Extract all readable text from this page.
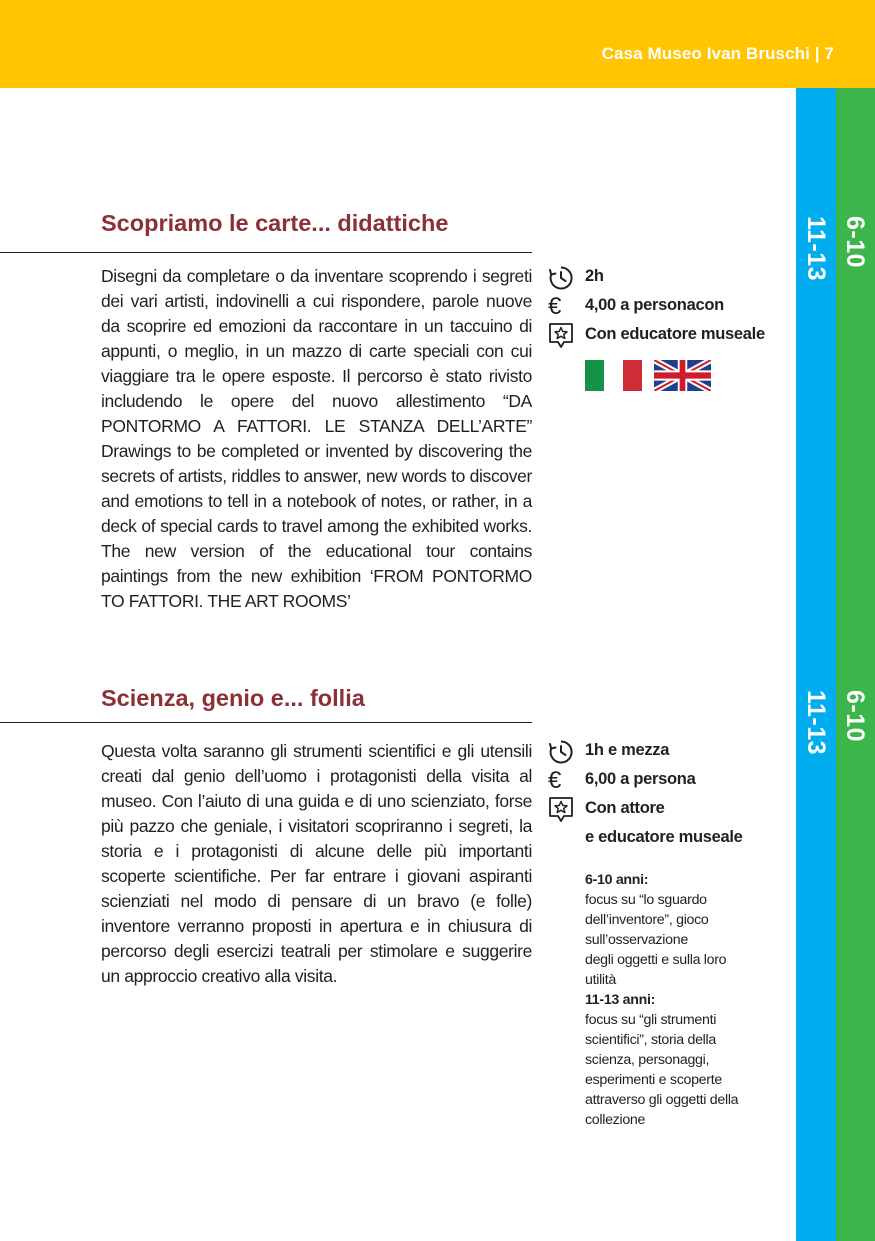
Casa Museo Ivan Bruschi | 7
11-13 6-10
11-13 6-10
Scopriamo le carte... didattiche

Disegni da completare o da inventare scoprendo i segreti dei vari artisti, indovinelli a cui rispondere, parole nuove da scoprire ed emozioni da raccontare in un taccuino di appunti, o meglio, in un mazzo di carte speciali con cui viaggiare tra le opere esposte. Il percorso è stato rivisto includendo le opere del nuovo allestimento “DA PONTORMO A FATTORI. LE STANZA DELL’ARTE” Drawings to be completed or invented by discovering the secrets of artists, riddles to answer, new words to discover and emotions to tell in a notebook of notes, or rather, in a deck of special cards to travel among the exhibited works. The new version of the educational tour contains paintings from the new exhibition ‘FROM PONTORMO TO FATTORI. THE ART ROOMS’

2h
€	4,00 a personacon
Con educatore museale
Scienza, genio e... follia

Questa volta saranno gli strumenti scientifici e gli utensili creati dal genio dell’uomo i protagonisti della visita al museo. Con l’aiuto di una guida e di uno scienziato, forse più pazzo che geniale, i visitatori scopriranno i segreti, la storia e i protagonisti di alcune delle più importanti scoperte scientifiche. Per far entrare i giovani aspiranti scienziati nel modo di pensare di un bravo (e folle) inventore verranno proposti in apertura e in chiusura di percorso degli esercizi teatrali per stimolare e suggerire un approccio creativo alla visita.

1h e mezza
€	6,00 a persona
Con attore
e educatore museale
6-10 anni:
focus su “lo sguardo
dell’inventore”, gioco
sull’osservazione
degli oggetti e sulla loro
utilità
11-13 anni:
focus su “gli strumenti
scientifici”, storia della
scienza, personaggi,
esperimenti e scoperte
attraverso gli oggetti della
collezione
